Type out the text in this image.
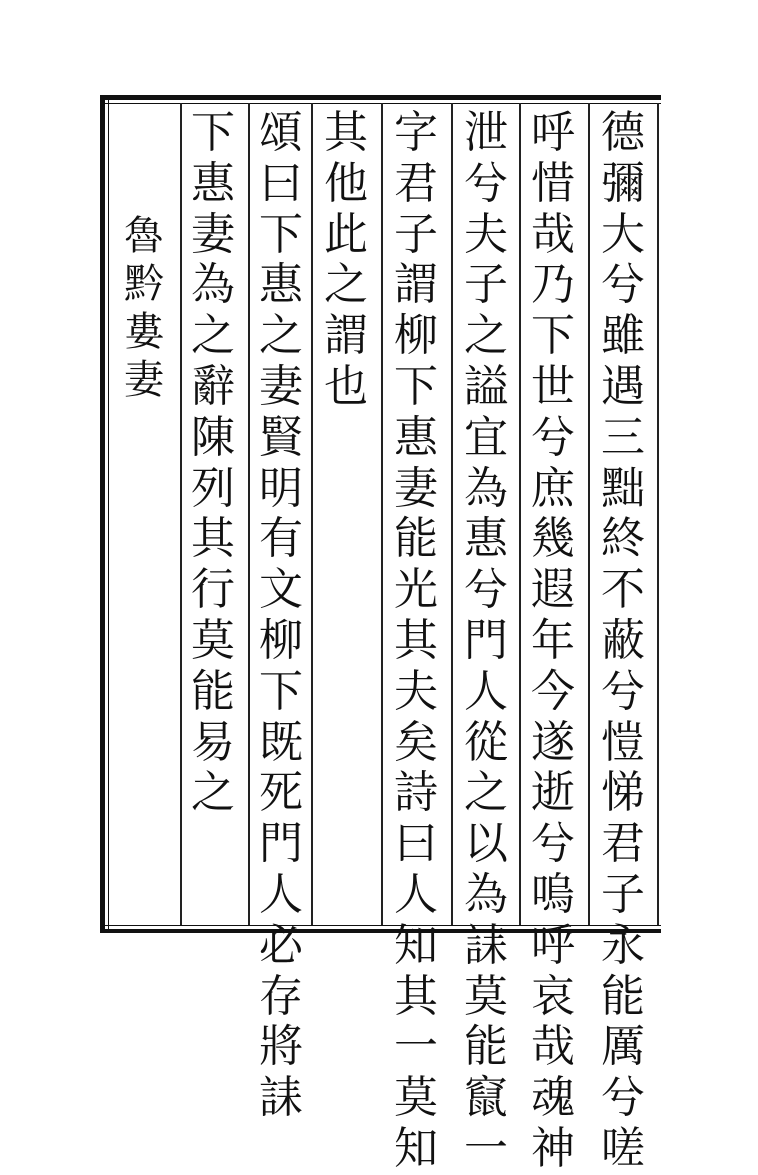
魯
黔
婁
妻
德
彌
大
兮
雖
遇
三
黜
終
不
蔽
兮
愷
悌
君
子
永
能
厲
兮
嗟
呼
惜
哉
乃
下
世
兮
庶
幾
遐
年
今
遂
逝
兮
嗚
呼
哀
哉
魂
神
泄
兮
夫
子
之
謚
宜
為
惠
兮
門
人
從
之
以
為
誄
莫
能
竄
一
字
君
子
謂
柳
下
惠
妻
能
光
其
夫
矣
詩
曰
人
知
其
一
莫
知
其
他
此
之
謂
也
頌
曰
下
惠
之
妻
賢
明
有
文
柳
下
既
死
門
人
必
存
將
誄
下
惠
妻
為
之
辭
陳
列
其
行
莫
能
易
之
